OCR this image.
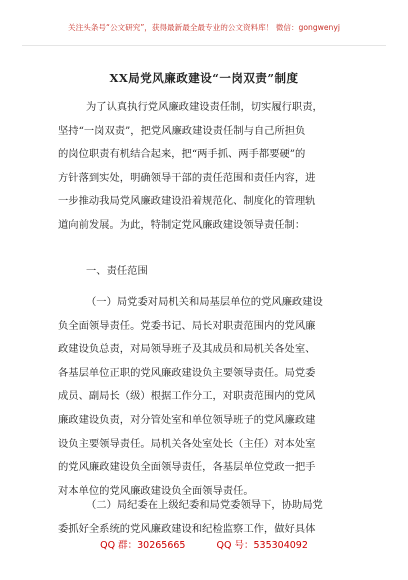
关注头条号“公文研究”，获得最新最全最专业的公文资料库！ 微信：gongwenyj
XX局党风廉政建设“一岗双责”制度
为了认真执行党风廉政建设责任制，切实履行职责，
坚持“一岗双责”，把党风廉政建设责任制与自己所担负
的岗位职责有机结合起来，把“两手抓、两手都要硬”的
方针落到实处，明确领导干部的责任范围和责任内容，进
一步推动我局党风廉政建设沿着规范化、制度化的管理轨
道向前发展。为此，特制定党风廉政建设领导责任制：
一、责任范围
（一）局党委对局机关和局基层单位的党风廉政建设
负全面领导责任。党委书记、局长对职责范围内的党风廉
政建设负总责，对局领导班子及其成员和局机关各处室、
各基层单位正职的党风廉政建设负主要领导责任。局党委
成员、副局长（级）根据工作分工，对职责范围内的党风
廉政建设负责，对分管处室和单位领导班子的党风廉政建
设负主要领导责任。局机关各处室处长（主任）对本处室
的党风廉政建设负全面领导责任，各基层单位党政一把手
对本单位的党风廉政建设负全面领导责任。
（二）局纪委在上级纪委和局党委领导下，协助局党
委抓好全系统的党风廉政建设和纪检监察工作，做好具体
QQ 群：30265665	QQ 号：535304092
